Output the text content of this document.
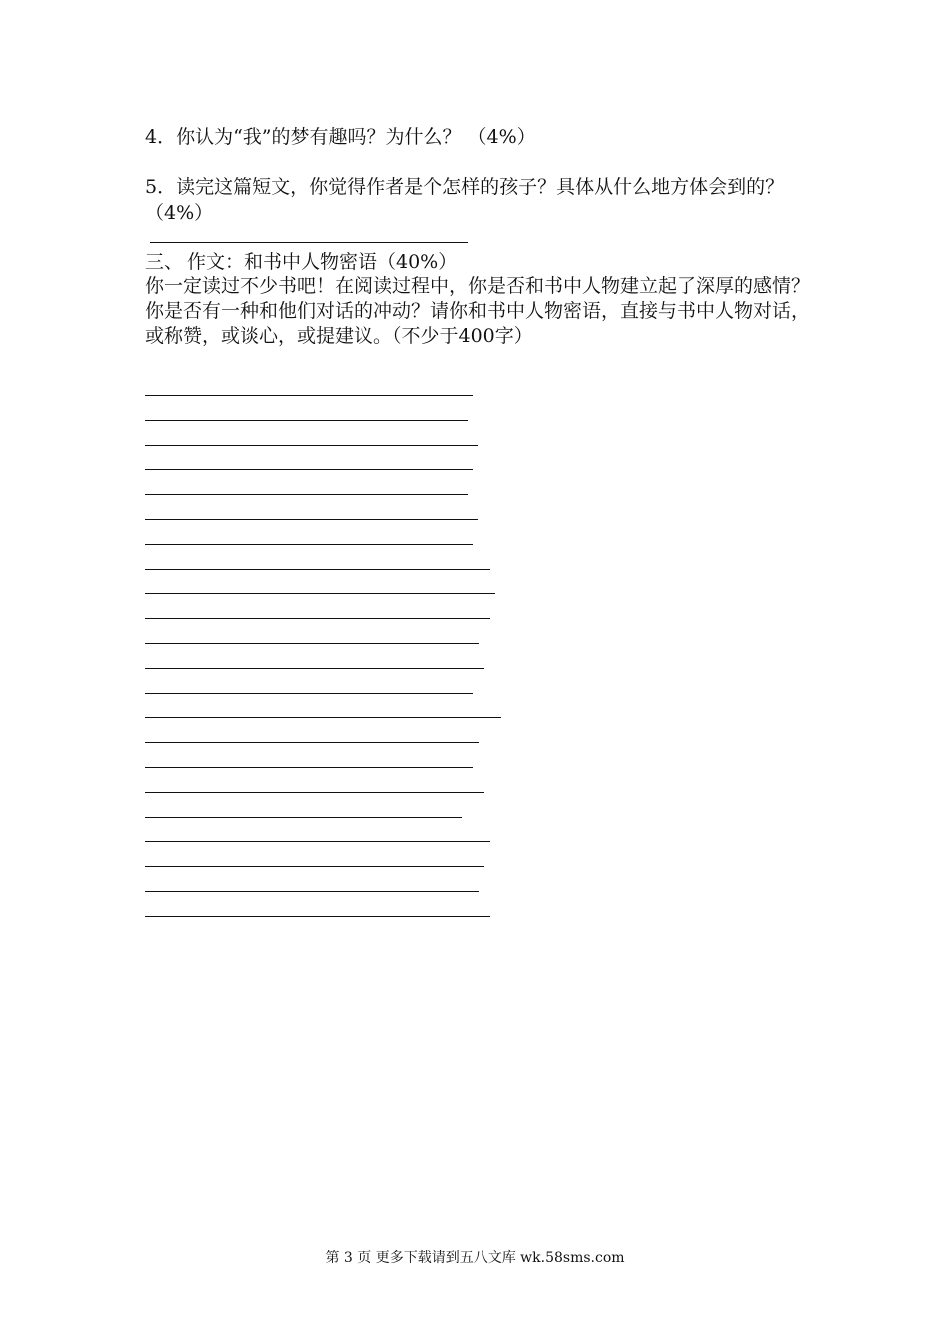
4．你认为“我”的梦有趣吗？为什么？ （4%）

5．读完这篇短文，你觉得作者是个怎样的孩子？具体从什么地方体会到的？（4%）

三、 作文：和书中人物密语（40%）

你一定读过不少书吧！在阅读过程中，你是否和书中人物建立起了深厚的感情？你是否有一种和他们对话的冲动？请你和书中人物密语，直接与书中人物对话，或称赞，或谈心，或提建议。（不少于400字）

第 3 页 更多下载请到五八文库 wk.58sms.com
